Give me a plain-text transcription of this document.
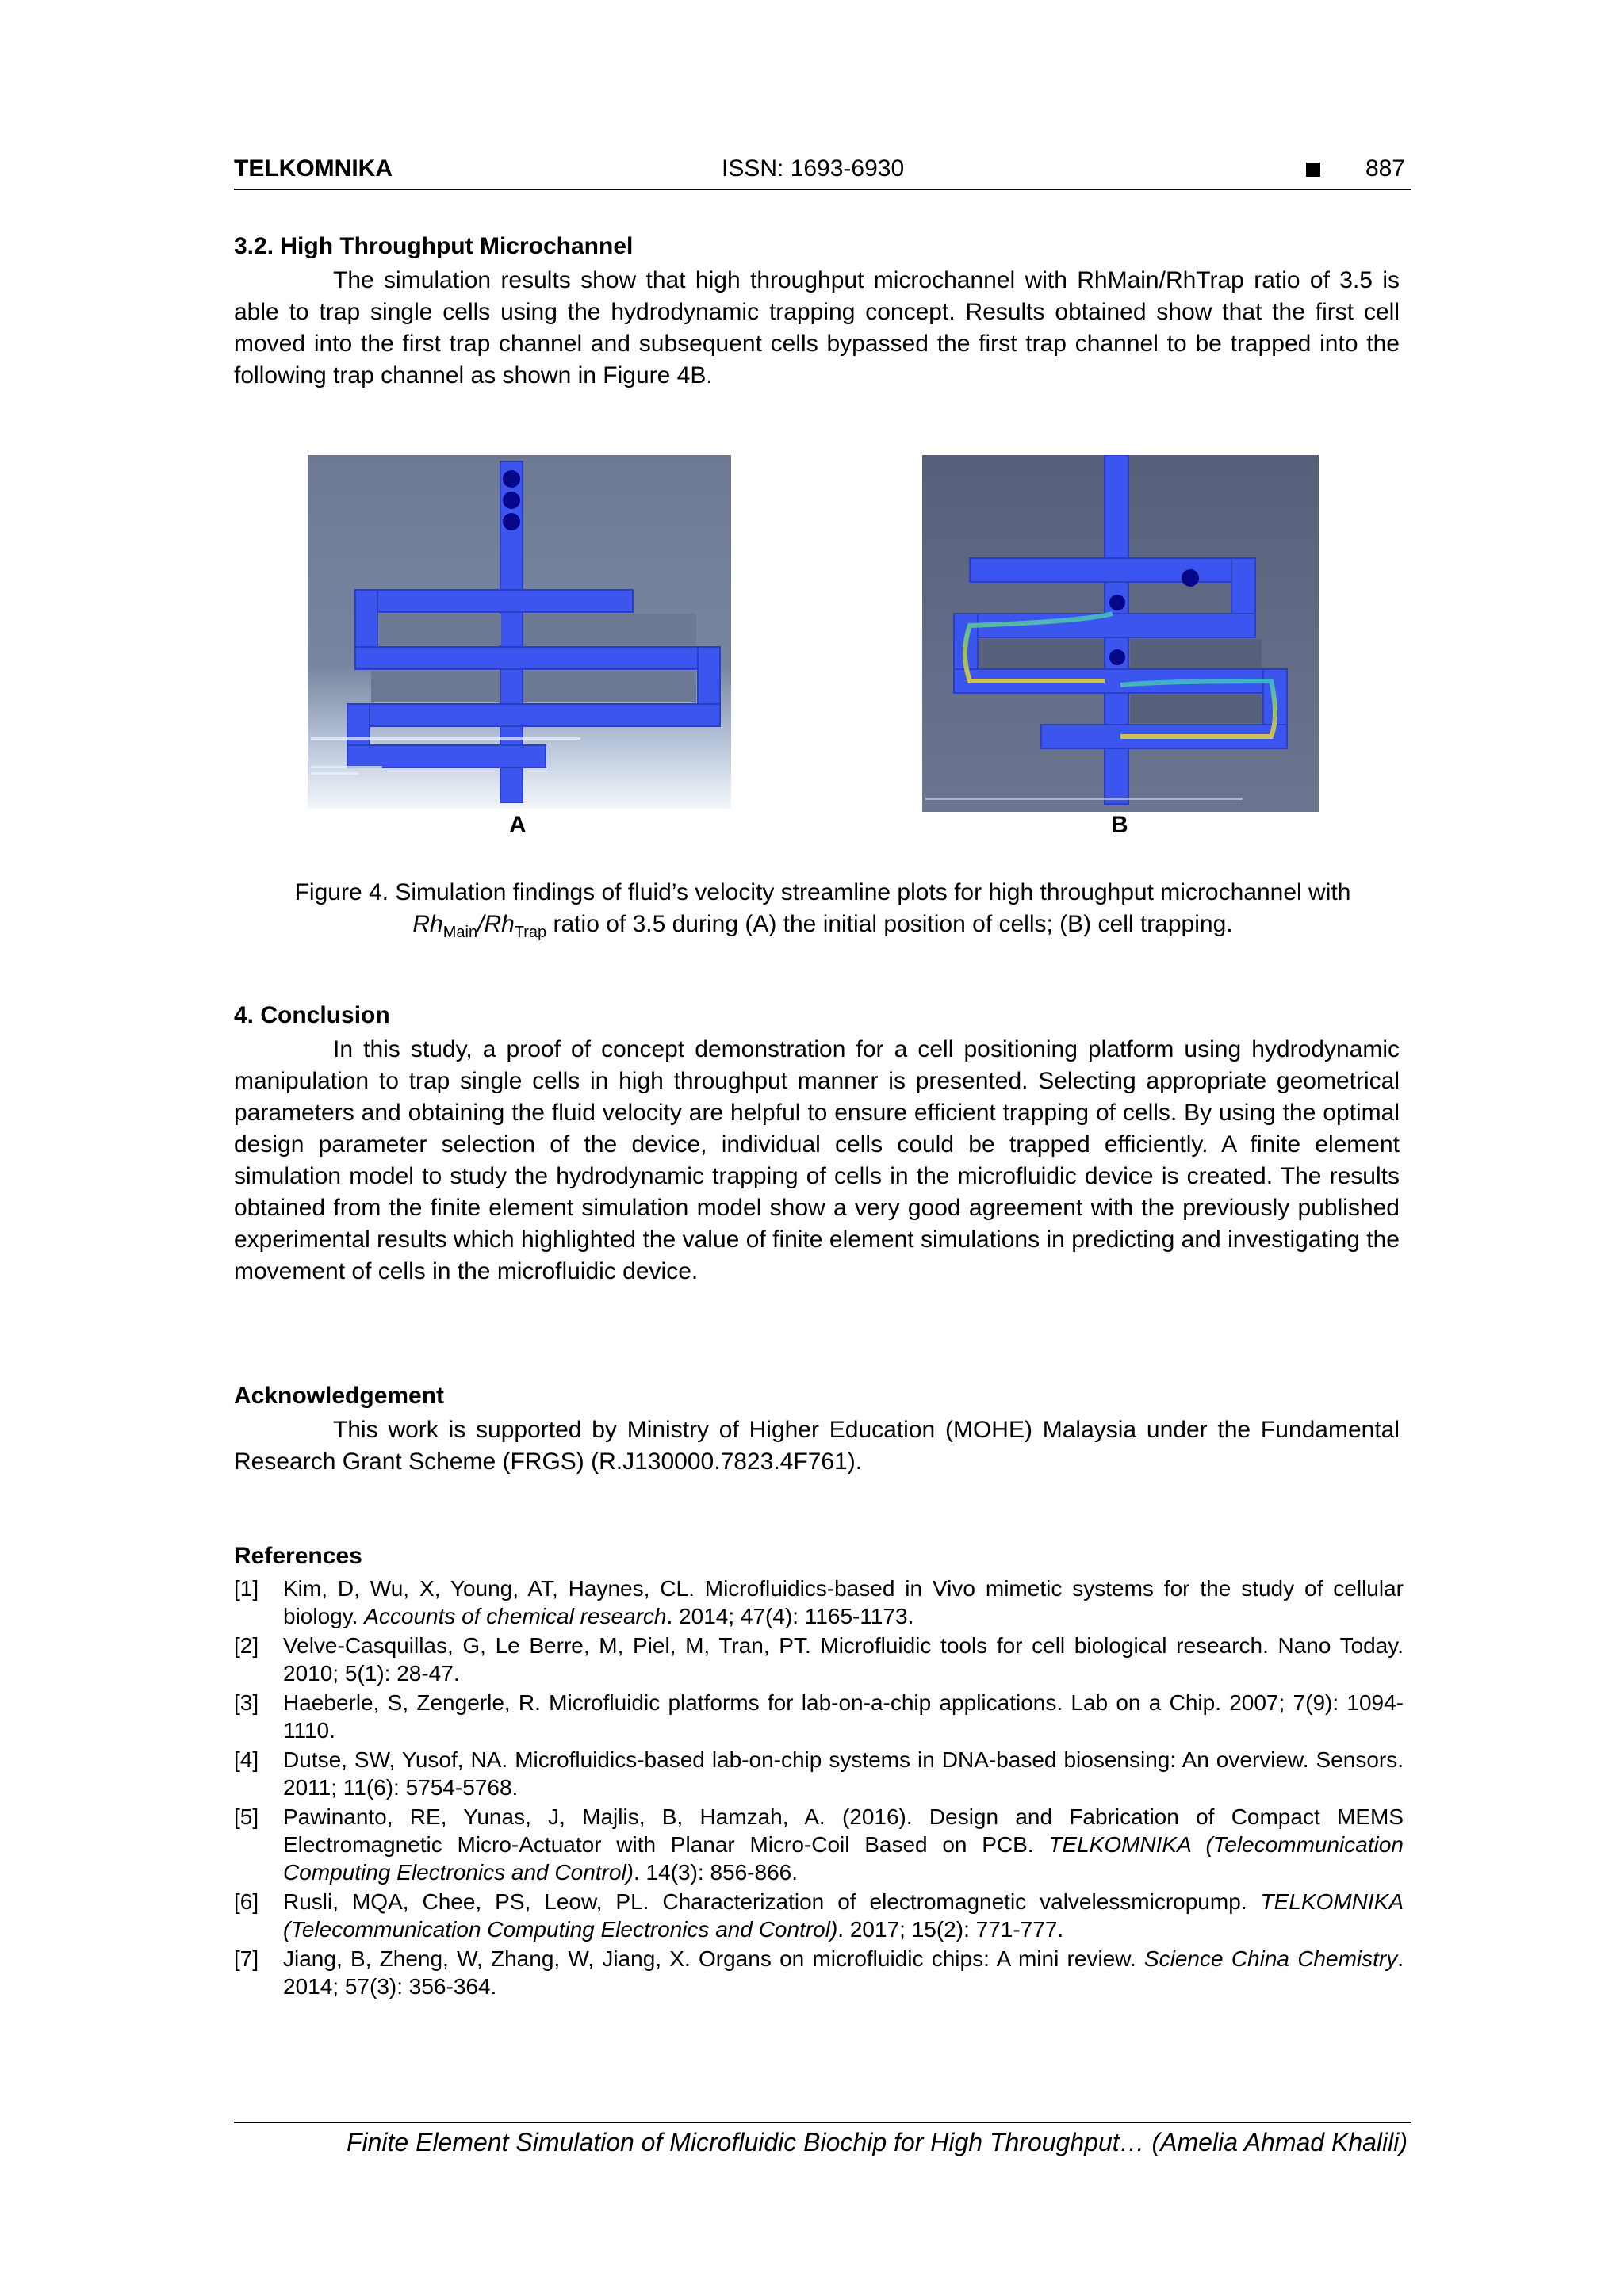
TELKOMNIKA	ISSN: 1693-6930	887
3.2. High Throughput Microchannel
The simulation results show that high throughput microchannel with RhMain/RhTrap ratio of 3.5 is able to trap single cells using the hydrodynamic trapping concept. Results obtained show that the first cell moved into the first trap channel and subsequent cells bypassed the first trap channel to be trapped into the following trap channel as shown in Figure 4B.
A	B
Figure 4. Simulation findings of fluid’s velocity streamline plots for high throughput microchannel with $Rh_{Main}/Rh_{Trap}$ ratio of 3.5 during (A) the initial position of cells; (B) cell trapping.
4. Conclusion
In this study, a proof of concept demonstration for a cell positioning platform using hydrodynamic manipulation to trap single cells in high throughput manner is presented. Selecting appropriate geometrical parameters and obtaining the fluid velocity are helpful to ensure efficient trapping of cells. By using the optimal design parameter selection of the device, individual cells could be trapped efficiently. A finite element simulation model to study the hydrodynamic trapping of cells in the microfluidic device is created. The results obtained from the finite element simulation model show a very good agreement with the previously published experimental results which highlighted the value of finite element simulations in predicting and investigating the movement of cells in the microfluidic device.
Acknowledgement
This work is supported by Ministry of Higher Education (MOHE) Malaysia under the Fundamental Research Grant Scheme (FRGS) (R.J130000.7823.4F761).
References
[1] Kim, D, Wu, X, Young, AT, Haynes, CL. Microfluidics-based in Vivo mimetic systems for the study of cellular biology. Accounts of chemical research. 2014; 47(4): 1165-1173.
[2] Velve-Casquillas, G, Le Berre, M, Piel, M, Tran, PT. Microfluidic tools for cell biological research. Nano Today. 2010; 5(1): 28-47.
[3] Haeberle, S, Zengerle, R. Microfluidic platforms for lab-on-a-chip applications. Lab on a Chip. 2007; 7(9): 1094-1110.
[4] Dutse, SW, Yusof, NA. Microfluidics-based lab-on-chip systems in DNA-based biosensing: An overview. Sensors. 2011; 11(6): 5754-5768.
[5] Pawinanto, RE, Yunas, J, Majlis, B, Hamzah, A. (2016). Design and Fabrication of Compact MEMS Electromagnetic Micro-Actuator with Planar Micro-Coil Based on PCB. TELKOMNIKA (Telecommunication Computing Electronics and Control). 14(3): 856-866.
[6] Rusli, MQA, Chee, PS, Leow, PL. Characterization of electromagnetic valvelessmicropump. TELKOMNIKA (Telecommunication Computing Electronics and Control). 2017; 15(2): 771-777.
[7] Jiang, B, Zheng, W, Zhang, W, Jiang, X. Organs on microfluidic chips: A mini review. Science China Chemistry. 2014; 57(3): 356-364.
Finite Element Simulation of Microfluidic Biochip for High Throughput… (Amelia Ahmad Khalili)
